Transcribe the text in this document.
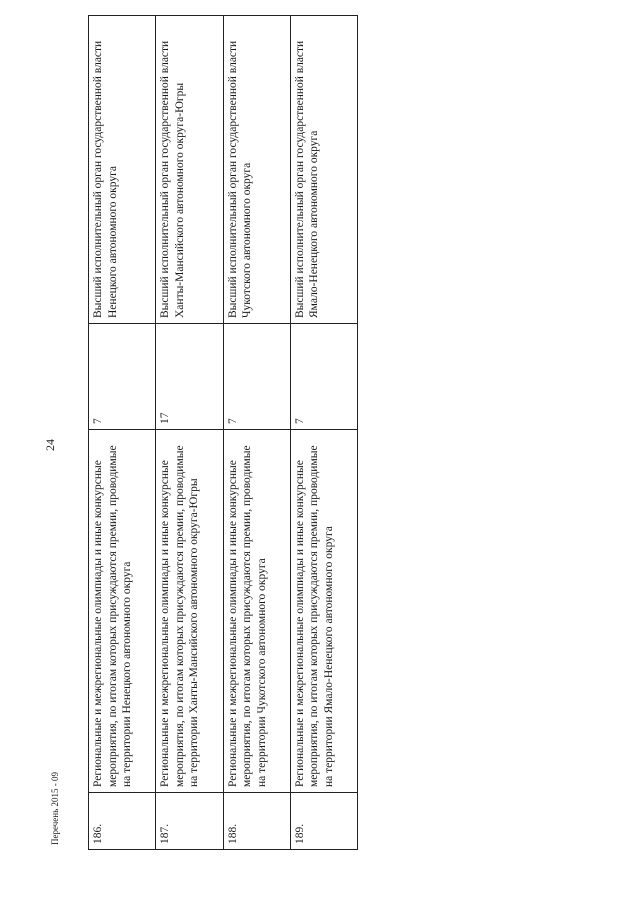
24
186.	Региональные и межрегиональные олимпиады и иные конкурсные мероприятия, по итогам которых присуждаются премии, проводимые на территории Ненецкого автономного округа	7	Высший исполнительный орган государственной власти Ненецкого автономного округа
187.	Региональные и межрегиональные олимпиады и иные конкурсные мероприятия, по итогам которых присуждаются премии, проводимые на территории Ханты-Мансийского автономного округа-Югры	17	Высший исполнительный орган государственной власти Ханты-Мансийского автономного округа-Югры
188.	Региональные и межрегиональные олимпиады и иные конкурсные мероприятия, по итогам которых присуждаются премии, проводимые на территории Чукотского автономного округа	7	Высший исполнительный орган государственной власти Чукотского автономного округа
189.	Региональные и межрегиональные олимпиады и иные конкурсные мероприятия, по итогам которых присуждаются премии, проводимые на территории Ямало-Ненецкого автономного округа	7	Высший исполнительный орган государственной власти Ямало-Ненецкого автономного округа
Перечень 2015 - 09
